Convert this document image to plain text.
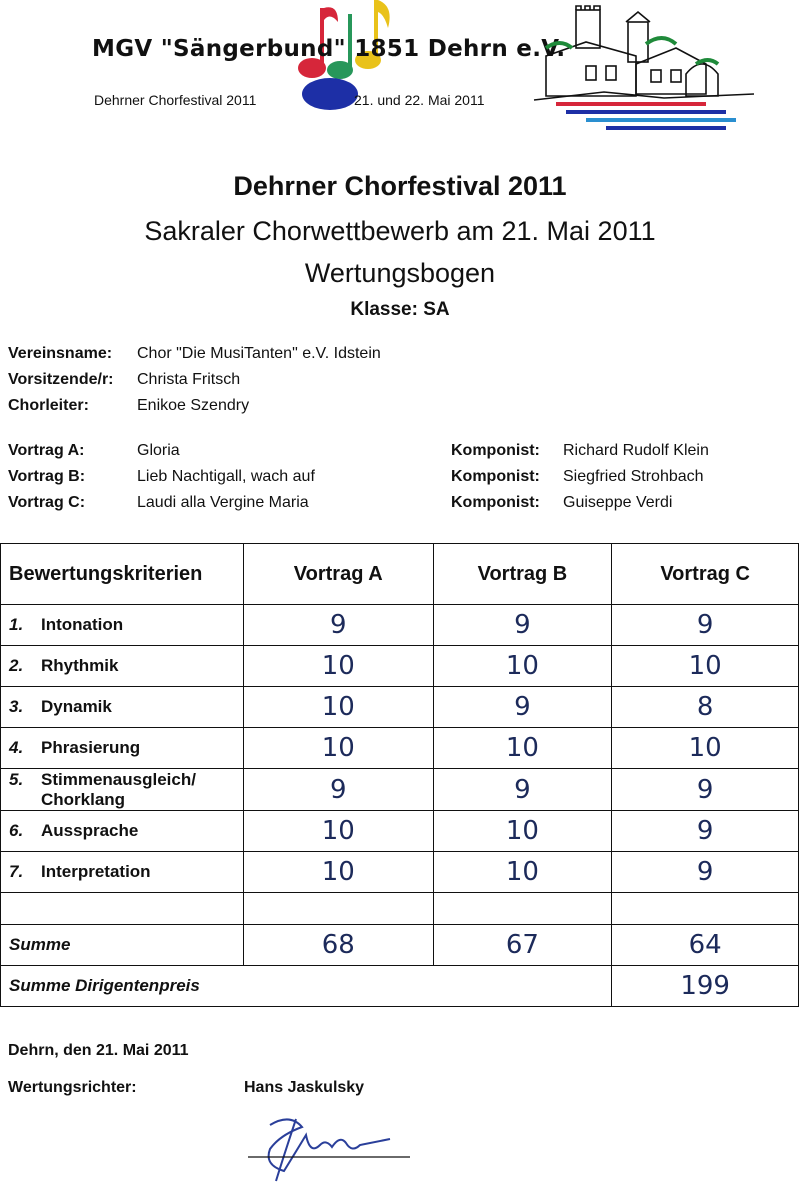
MGV "Sängerbund" 1851 Dehrn e.V.
Dehrner Chorfestival 2011	21. und 22. Mai 2011
Dehrner Chorfestival 2011
Sakraler Chorwettbewerb am 21. Mai 2011
Wertungsbogen
Klasse: SA
Vereinsname: Chor "Die MusiTanten" e.V. Idstein
Vorsitzende/r: Christa Fritsch
Chorleiter:	Enikoe Szendry
Vortrag A:	Gloria	Komponist: Richard Rudolf Klein
Vortrag B:	Lieb Nachtigall, wach auf	Komponist: Siegfried Strohbach
Vortrag C:	Laudi alla Vergine Maria	Komponist: Guiseppe Verdi
Bewertungskriterien	Vortrag A	Vortrag B	Vortrag C
1. Intonation	9	9	9
2. Rhythmik	10	10	10
3. Dynamik	10	9	8
4. Phrasierung	10	10	10
5. Stimmenausgleich/
Chorklang	9	9	9
6. Aussprache	10	10	9
7. Interpretation	10	10	9

Summe	68	67	64
Summe Dirigentenpreis			199
Dehrn, den 21. Mai 2011
Wertungsrichter:	Hans Jaskulsky
